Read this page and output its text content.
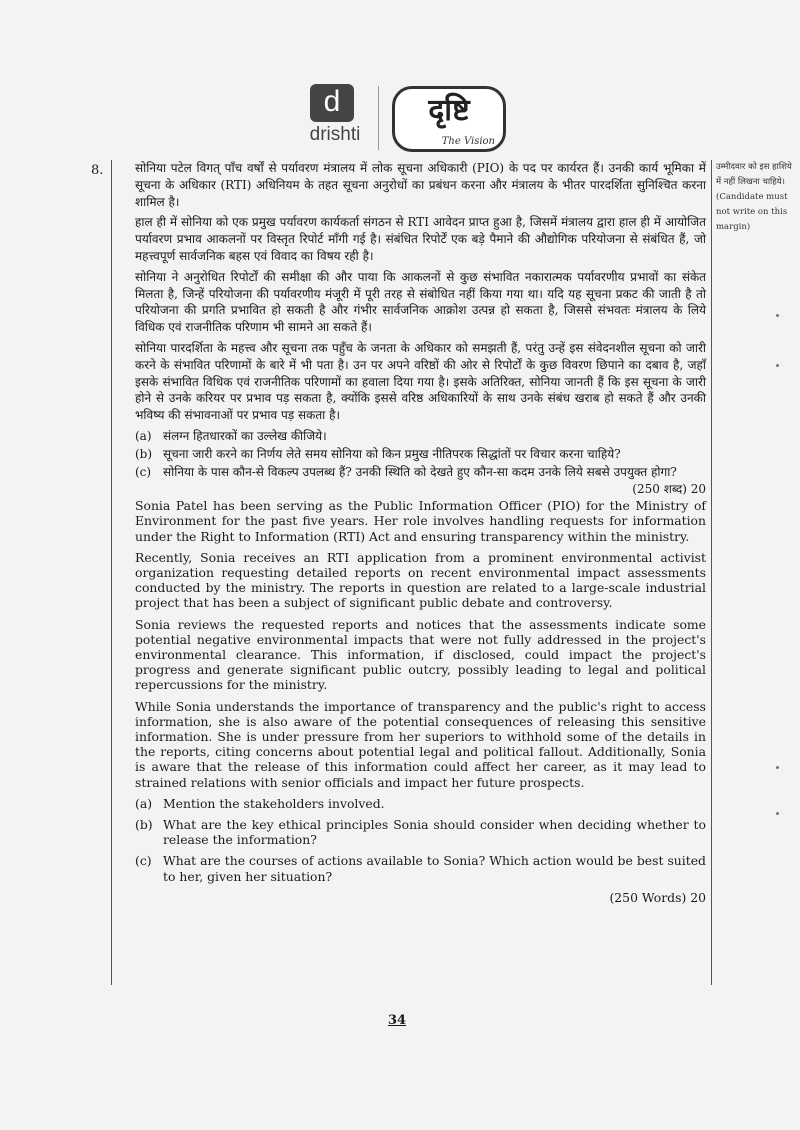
d
drishti
दृष्टि
The Vision
8.	उम्मीदवार को इस हाशिये में नहीं लिखना चाहिये।
(Candidate must not write on this margin)

सोनिया पटेल विगत् पाँच वर्षों से पर्यावरण मंत्रालय में लोक सूचना अधिकारी (PIO) के पद पर कार्यरत हैं। उनकी कार्य भूमिका में सूचना के अधिकार (RTI) अधिनियम के तहत सूचना अनुरोधों का प्रबंधन करना और मंत्रालय के भीतर पारदर्शिता सुनिश्चित करना शामिल है।

हाल ही में सोनिया को एक प्रमुख पर्यावरण कार्यकर्ता संगठन से RTI आवेदन प्राप्त हुआ है, जिसमें मंत्रालय द्वारा हाल ही में आयोजित पर्यावरण प्रभाव आकलनों पर विस्तृत रिपोर्ट माँगी गई है। संबंधित रिपोर्टें एक बड़े पैमाने की औद्योगिक परियोजना से संबंधित हैं, जो महत्त्वपूर्ण सार्वजनिक बहस एवं विवाद का विषय रही है।

सोनिया ने अनुरोधित रिपोर्टों की समीक्षा की और पाया कि आकलनों से कुछ संभावित नकारात्मक पर्यावरणीय प्रभावों का संकेत मिलता है, जिन्हें परियोजना की पर्यावरणीय मंजूरी में पूरी तरह से संबोधित नहीं किया गया था। यदि यह सूचना प्रकट की जाती है तो परियोजना की प्रगति प्रभावित हो सकती है और गंभीर सार्वजनिक आक्रोश उत्पन्न हो सकता है, जिससे संभवतः मंत्रालय के लिये विधिक एवं राजनीतिक परिणाम भी सामने आ सकते हैं।

सोनिया पारदर्शिता के महत्त्व और सूचना तक पहुँच के जनता के अधिकार को समझती हैं, परंतु उन्हें इस संवेदनशील सूचना को जारी करने के संभावित परिणामों के बारे में भी पता है। उन पर अपने वरिष्ठों की ओर से रिपोर्टों के कुछ विवरण छिपाने का दबाव है, जहाँ इसके संभावित विधिक एवं राजनीतिक परिणामों का हवाला दिया गया है। इसके अतिरिक्त, सोनिया जानती हैं कि इस सूचना के जारी होने से उनके करियर पर प्रभाव पड़ सकता है, क्योंकि इससे वरिष्ठ अधिकारियों के साथ उनके संबंध खराब हो सकते हैं और उनकी भविष्य की संभावनाओं पर प्रभाव पड़ सकता है।

(a) संलग्न हितधारकों का उल्लेख कीजिये।
(b) सूचना जारी करने का निर्णय लेते समय सोनिया को किन प्रमुख नीतिपरक सिद्धांतों पर विचार करना चाहिये?
(c) सोनिया के पास कौन-से विकल्प उपलब्ध हैं? उनकी स्थिति को देखते हुए कौन-सा कदम उनके लिये सबसे उपयुक्त होगा?
(250 शब्द) 20

Sonia Patel has been serving as the Public Information Officer (PIO) for the Ministry of Environment for the past five years. Her role involves handling requests for information under the Right to Information (RTI) Act and ensuring transparency within the ministry.

Recently, Sonia receives an RTI application from a prominent environmental activist organization requesting detailed reports on recent environmental impact assessments conducted by the ministry. The reports in question are related to a large-scale industrial project that has been a subject of significant public debate and controversy.

Sonia reviews the requested reports and notices that the assessments indicate some potential negative environmental impacts that were not fully addressed in the project's environmental clearance. This information, if disclosed, could impact the project's progress and generate significant public outcry, possibly leading to legal and political repercussions for the ministry.

While Sonia understands the importance of transparency and the public's right to access information, she is also aware of the potential consequences of releasing this sensitive information. She is under pressure from her superiors to withhold some of the details in the reports, citing concerns about potential legal and political fallout. Additionally, Sonia is aware that the release of this information could affect her career, as it may lead to strained relations with senior officials and impact her future prospects.

(a) Mention the stakeholders involved.
(b) What are the key ethical principles Sonia should consider when deciding whether to release the information?
(c) What are the courses of actions available to Sonia? Which action would be best suited to her, given her situation?
(250 Words) 20
34
